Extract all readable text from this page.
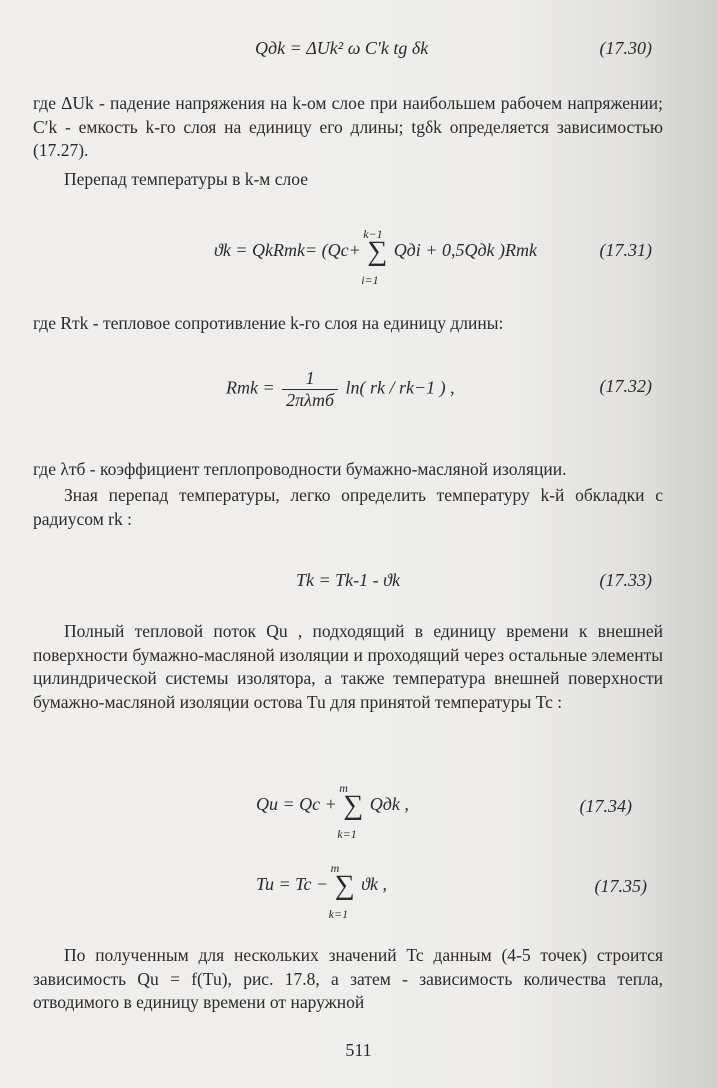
Qдk = ΔUk² ω C′k tg δk	(17.30)
где ΔUk - падение напряжения на k-ом слое при наибольшем рабочем напряжении; C′k - емкость k-го слоя на единицу его длины; tgδk определяется зависимостью (17.27).
Перепад температуры в k-м слое
ϑk = QkRтk= (Qc+ ∑
k−1
i=1
Qдi + 0,5Qдk )Rтk	(17.31)
где Rтk - тепловое сопротивление k-го слоя на единицу длины:
Rтk = $\frac{1}{\text{2πλтб}} \ln$( rk / rk−1 ) ,	(17.32)
где λтб - коэффициент теплопроводности бумажно-масляной изоляции.
Зная перепад температуры, легко определить температуру k-й обкладки с радиусом rk :
Tk = Tk-1 - ϑk	(17.33)
Полный тепловой поток Qu , подходящий в единицу времени к внешней поверхности бумажно-масляной изоляции и проходящий через остальные элементы цилиндрической системы изолятора, а также температура внешней поверхности бумажно-масляной изоляции остова Tu для принятой температуры Tc :
Qu = Qc + ∑
m
k=1
Qдk ,	(17.34)
Tu = Tc − ∑
m
k=1
ϑk ,	(17.35)
По полученным для нескольких значений Tc данным (4-5 точек) строится зависимость Qu = f(Tu), рис. 17.8, а затем - зависимость количества тепла, отводимого в единицу времени от наружной
511
